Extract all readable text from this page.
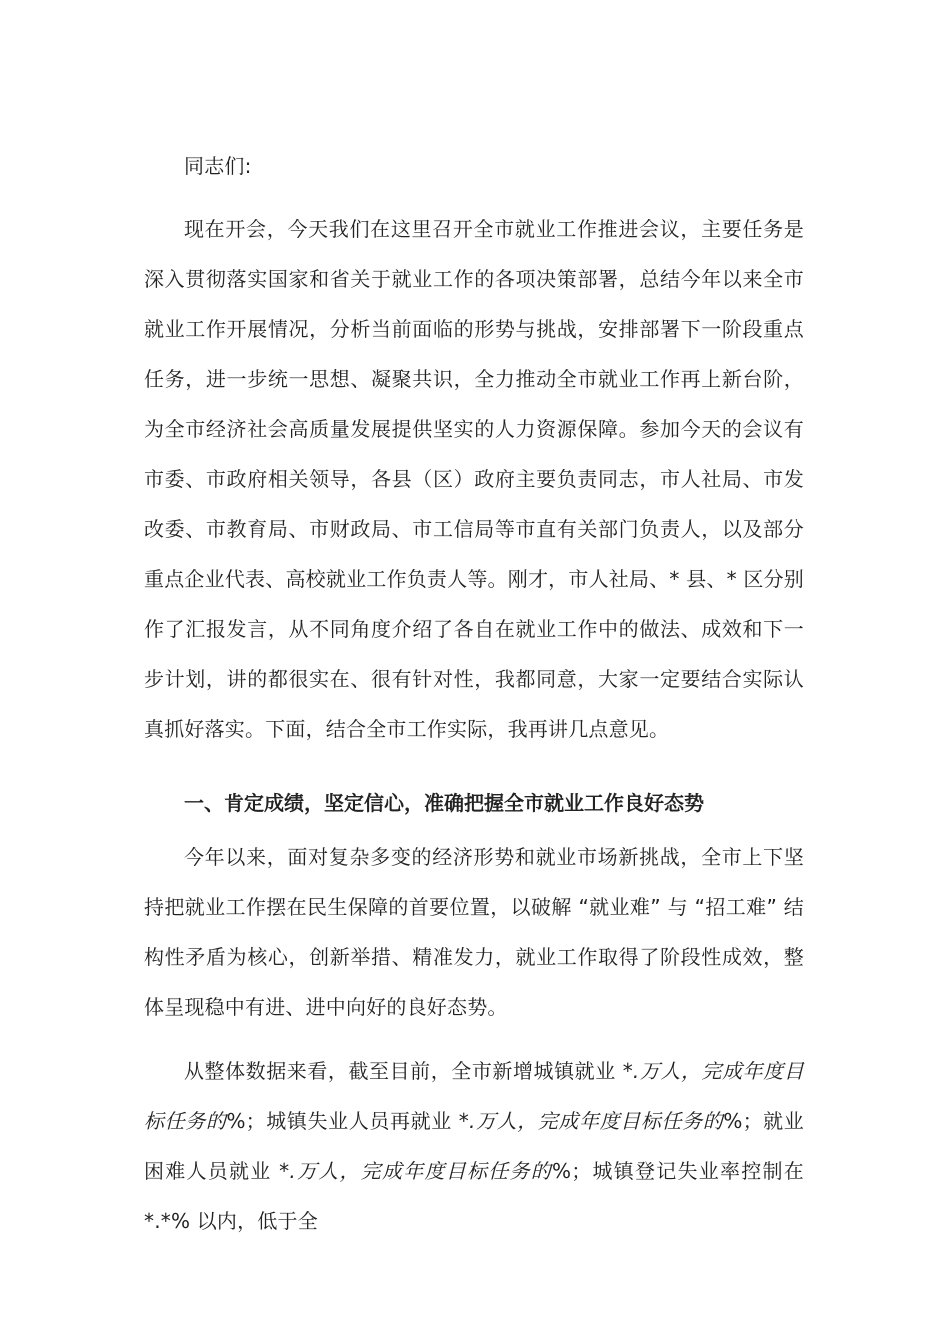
同志们:

现在开会，今天我们在这里召开全市就业工作推进会议，主要任务是深入贯彻落实国家和省关于就业工作的各项决策部署，总结今年以来全市就业工作开展情况，分析当前面临的形势与挑战，安排部署下一阶段重点任务，进一步统一思想、凝聚共识，全力推动全市就业工作再上新台阶，为全市经济社会高质量发展提供坚实的人力资源保障。参加今天的会议有市委、市政府相关领导，各县（区）政府主要负责同志，市人社局、市发改委、市教育局、市财政局、市工信局等市直有关部门负责人，以及部分重点企业代表、高校就业工作负责人等。刚才，市人社局、* 县、* 区分别作了汇报发言，从不同角度介绍了各自在就业工作中的做法、成效和下一步计划，讲的都很实在、很有针对性，我都同意，大家一定要结合实际认真抓好落实。下面，结合全市工作实际，我再讲几点意见。

一、肯定成绩，坚定信心，准确把握全市就业工作良好态势

今年以来，面对复杂多变的经济形势和就业市场新挑战，全市上下坚持把就业工作摆在民生保障的首要位置，以破解 “就业难” 与 “招工难” 结构性矛盾为核心，创新举措、精准发力，就业工作取得了阶段性成效，整体呈现稳中有进、进中向好的良好态势。

从整体数据来看，截至目前，全市新增城镇就业 *.万人，完成年度目标任务的%；城镇失业人员再就业 *.万人，完成年度目标任务的%；就业困难人员就业 *.万人，完成年度目标任务的%；城镇登记失业率控制在 *.*% 以内，低于全
